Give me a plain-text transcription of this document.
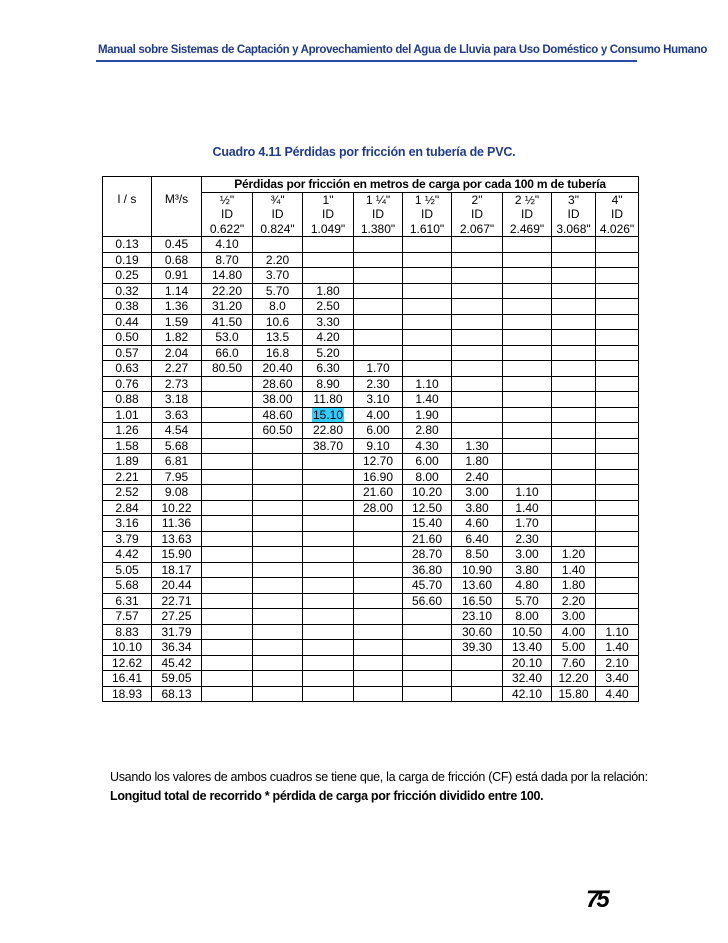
Manual sobre Sistemas de Captación y Aprovechamiento del Agua de Lluvia para Uso Doméstico y Consumo Humano
Cuadro 4.11 Pérdidas por fricción en tubería de PVC.
		Pérdidas por fricción en metros de carga por cada 100 m de tubería								
l / s	M³/s	½"	¾"	1"	1 ¼"	1 ½"	2"	2 ½"	3"	4"
		ID	ID	ID	ID	ID	ID	ID	ID	ID
		0.622"	0.824"	1.049"	1.380"	1.610"	2.067"	2.469"	3.068"	4.026"
0.13	0.45	4.10								
0.19	0.68	8.70	2.20							
0.25	0.91	14.80	3.70							
0.32	1.14	22.20	5.70	1.80						
0.38	1.36	31.20	8.0	2.50						
0.44	1.59	41.50	10.6	3.30						
0.50	1.82	53.0	13.5	4.20						
0.57	2.04	66.0	16.8	5.20						
0.63	2.27	80.50	20.40	6.30	1.70					
0.76	2.73		28.60	8.90	2.30	1.10				
0.88	3.18		38.00	11.80	3.10	1.40				
1.01	3.63		48.60	15.10	4.00	1.90				
1.26	4.54		60.50	22.80	6.00	2.80				
1.58	5.68			38.70	9.10	4.30	1.30			
1.89	6.81				12.70	6.00	1.80			
2.21	7.95				16.90	8.00	2.40			
2.52	9.08				21.60	10.20	3.00	1.10		
2.84	10.22				28.00	12.50	3.80	1.40		
3.16	11.36					15.40	4.60	1.70		
3.79	13.63					21.60	6.40	2.30		
4.42	15.90					28.70	8.50	3.00	1.20	
5.05	18.17					36.80	10.90	3.80	1.40	
5.68	20.44					45.70	13.60	4.80	1.80	
6.31	22.71					56.60	16.50	5.70	2.20	
7.57	27.25						23.10	8.00	3.00	
8.83	31.79						30.60	10.50	4.00	1.10
10.10	36.34						39.30	13.40	5.00	1.40
12.62	45.42							20.10	7.60	2.10
16.41	59.05							32.40	12.20	3.40
18.93	68.13							42.10	15.80	4.40
Usando los valores de ambos cuadros se tiene que, la carga de fricción (CF) está dada por la relación:
Longitud total de recorrido * pérdida de carga por fricción dividido entre 100.
75
